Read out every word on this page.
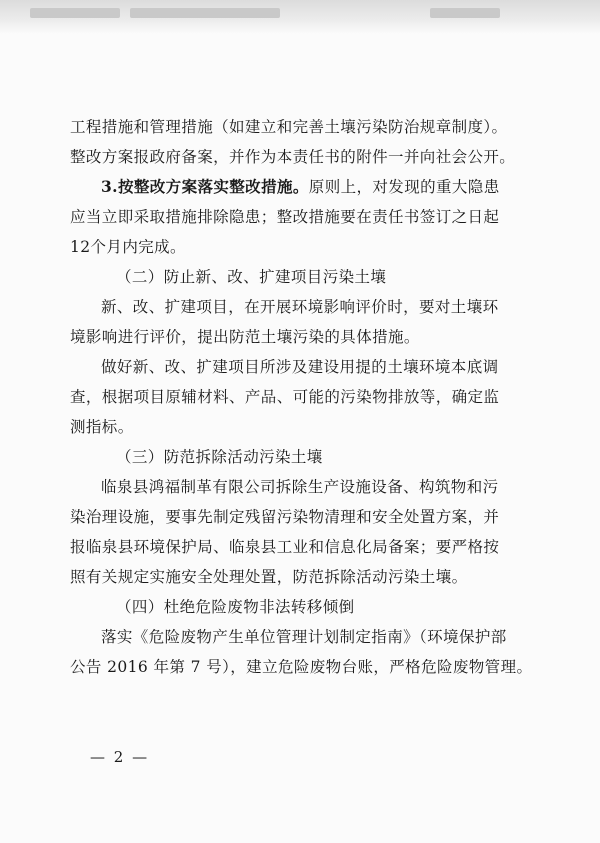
工程措施和管理措施（如建立和完善土壤污染防治规章制度）。

整改方案报政府备案，并作为本责任书的附件一并向社会公开。

3.按整改方案落实整改措施。原则上，对发现的重大隐患

应当立即采取措施排除隐患；整改措施要在责任书签订之日起

12个月内完成。

（二）防止新、改、扩建项目污染土壤

新、改、扩建项目，在开展环境影响评价时，要对土壤环

境影响进行评价，提出防范土壤污染的具体措施。

做好新、改、扩建项目所涉及建设用提的土壤环境本底调

查，根据项目原辅材料、产品、可能的污染物排放等，确定监

测指标。

（三）防范拆除活动污染土壤

临泉县鸿福制革有限公司拆除生产设施设备、构筑物和污

染治理设施，要事先制定残留污染物清理和安全处置方案，并

报临泉县环境保护局、临泉县工业和信息化局备案；要严格按

照有关规定实施安全处理处置，防范拆除活动污染土壤。

（四）杜绝危险废物非法转移倾倒

落实《危险废物产生单位管理计划制定指南》（环境保护部

公告 2016 年第 7 号），建立危险废物台账，严格危险废物管理。

— 2 —
